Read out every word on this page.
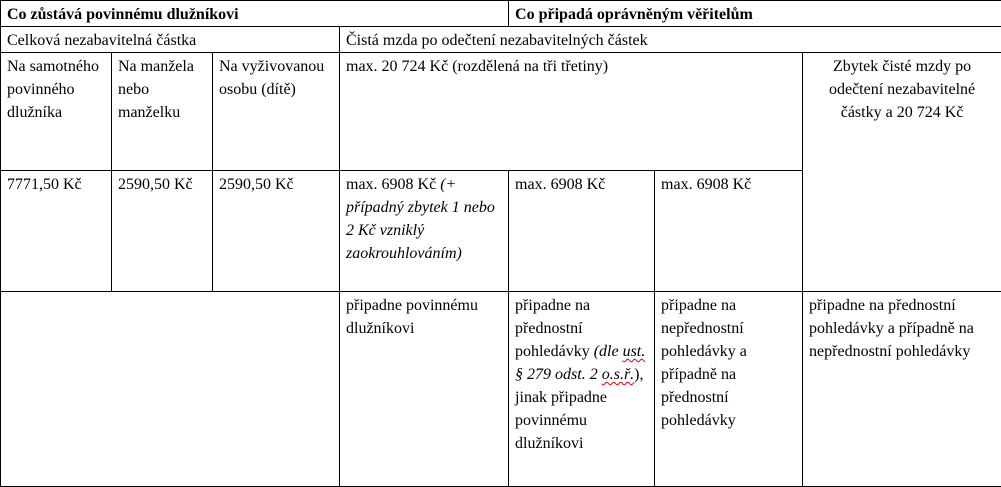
Co zůstává povinnému dlužníkovi				Co připadá oprávněným věřitelům		
Celková nezabavitelná částka			Čistá mzda po odečtení nezabavitelných částek			
Na samotného povinného dlužníka	Na manžela nebo manželku	Na vyživovanou osobu (dítě)	max. 20 724 Kč (rozdělená na tři třetiny)			Zbytek čisté mzdy po odečtení nezabavitelné částky a 20 724 Kč
7771,50 Kč	2590,50 Kč	2590,50 Kč	max. 6908 Kč (+ případný zbytek 1 nebo 2 Kč vzniklý zaokrouhlováním)	max. 6908 Kč	max. 6908 Kč	
			připadne povinnému dlužníkovi	připadne na přednostní pohledávky (dle ust. § 279 odst. 2 o.s.ř.), jinak připadne povinnému dlužníkovi	připadne na nepřednostní pohledávky a případně na přednostní pohledávky	připadne na přednostní pohledávky a případně na nepřednostní pohledávky
